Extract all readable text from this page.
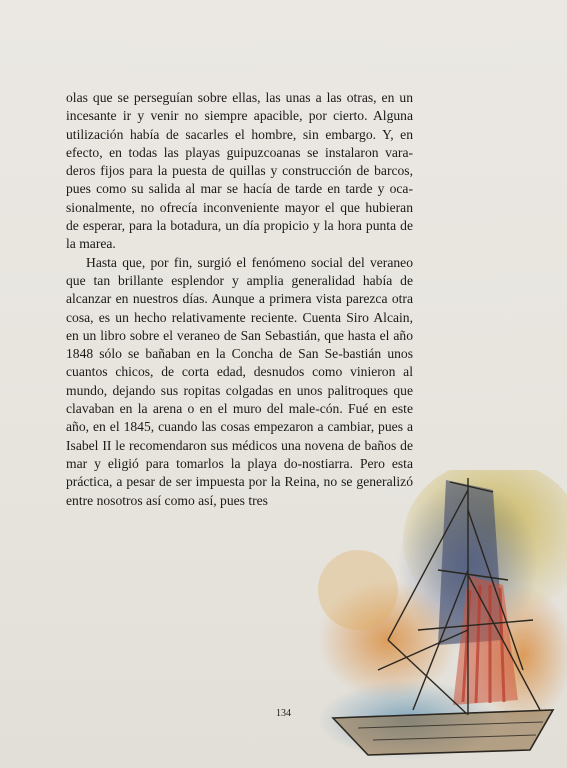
olas que se perseguían sobre ellas, las unas a las otras, en un incesante ir y venir no siempre apacible, por cierto. Alguna utilización había de sacarles el hombre, sin embargo. Y, en efecto, en todas las playas guipuzcoanas se instalaron vara-deros fijos para la puesta de quillas y construcción de barcos, pues como su salida al mar se hacía de tarde en tarde y oca-sionalmente, no ofrecía inconveniente mayor el que hubieran de esperar, para la botadura, un día propicio y la hora punta de la marea.

Hasta que, por fin, surgió el fenómeno social del veraneo que tan brillante esplendor y amplia generalidad había de alcanzar en nuestros días. Aunque a primera vista parezca otra cosa, es un hecho relativamente reciente. Cuenta Siro Alcain, en un libro sobre el veraneo de San Sebastián, que hasta el año 1848 sólo se bañaban en la Concha de San Se-bastián unos cuantos chicos, de corta edad, desnudos como vinieron al mundo, dejando sus ropitas colgadas en unos palitroques que clavaban en la arena o en el muro del male-cón. Fué en este año, en el 1845, cuando las cosas empezaron a cambiar, pues a Isabel II le recomendaron sus médicos una novena de baños de mar y eligió para tomarlos la playa do-nostiarra. Pero esta práctica, a pesar de ser impuesta por la Reina, no se generalizó entre nosotros así como así, pues tres

134
